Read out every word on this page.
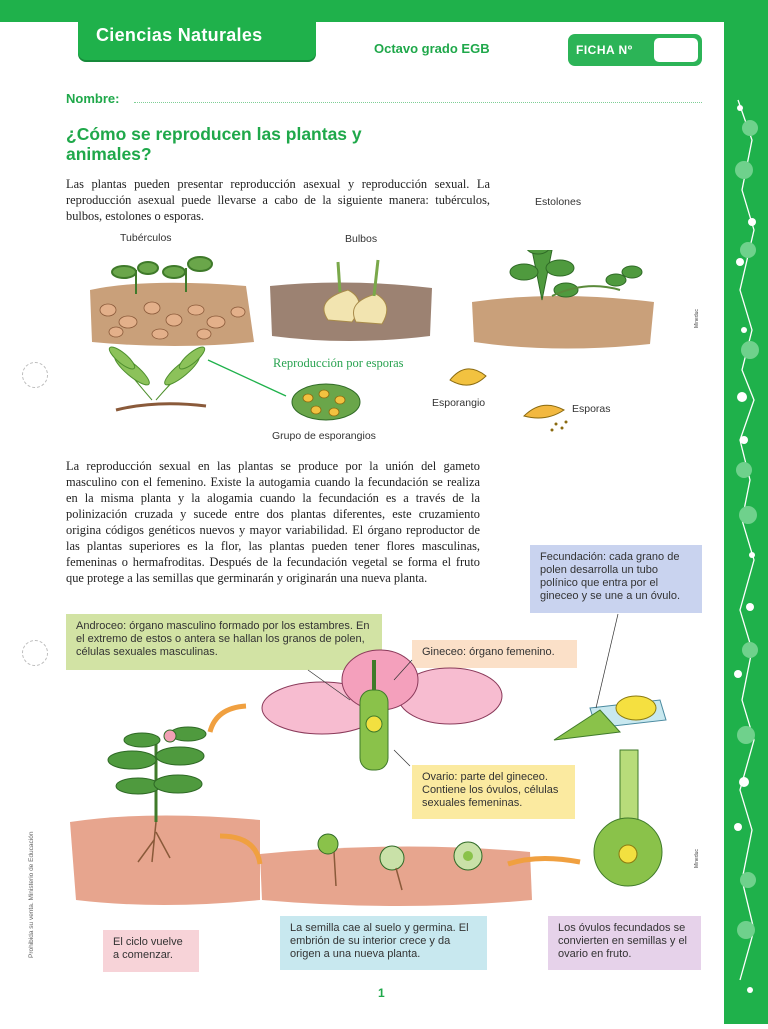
Ciencias Naturales
Octavo grado EGB	FICHA Nº
Nombre:
¿Cómo se reproducen las plantas y animales?
Las plantas pueden presentar reproducción asexual y reproducción sexual. La reproducción asexual puede llevarse a cabo de la siguiente manera: tubérculos, bulbos, estolones o esporas.
Tubérculos	Bulbos
Estolones
Reproducción por esporas
Esporangio	Esporas
Grupo de esporangios
La reproducción sexual en las plantas se produce por la unión del gameto masculino con el femenino. Existe la autogamia cuando la fecundación se realiza en la misma planta y la alogamia cuando la fecundación es a través de la polinización cruzada y sucede entre dos plantas diferentes, este cruzamiento origina códigos genéticos nuevos y mayor variabilidad. El órgano reproductor de las plantas superiores es la flor, las plantas pueden tener flores masculinas, femeninas o hermafroditas. Después de la fecundación vegetal se forma el fruto que protege a las semillas que germinarán y originarán una nueva planta.
Fecundación: cada grano de polen desarrolla un tubo polínico que entra por el gineceo y se une a un óvulo.
Androceo: órgano masculino formado por los estambres. En el extremo de estos o antera se hallan los granos de polen, células sexuales masculinas.	Gineceo: órgano femenino.
Ovario: parte del gineceo. Contiene los óvulos, células sexuales femeninas.
El ciclo vuelve a comenzar.
La semilla cae al suelo y germina. El embrión de su interior crece y da origen a una nueva planta.
Los óvulos fecundados se convierten en semillas y el ovario en fruto.
1
Prohibida su venta. Ministerio de Educación
Mineduc
Mineduc
